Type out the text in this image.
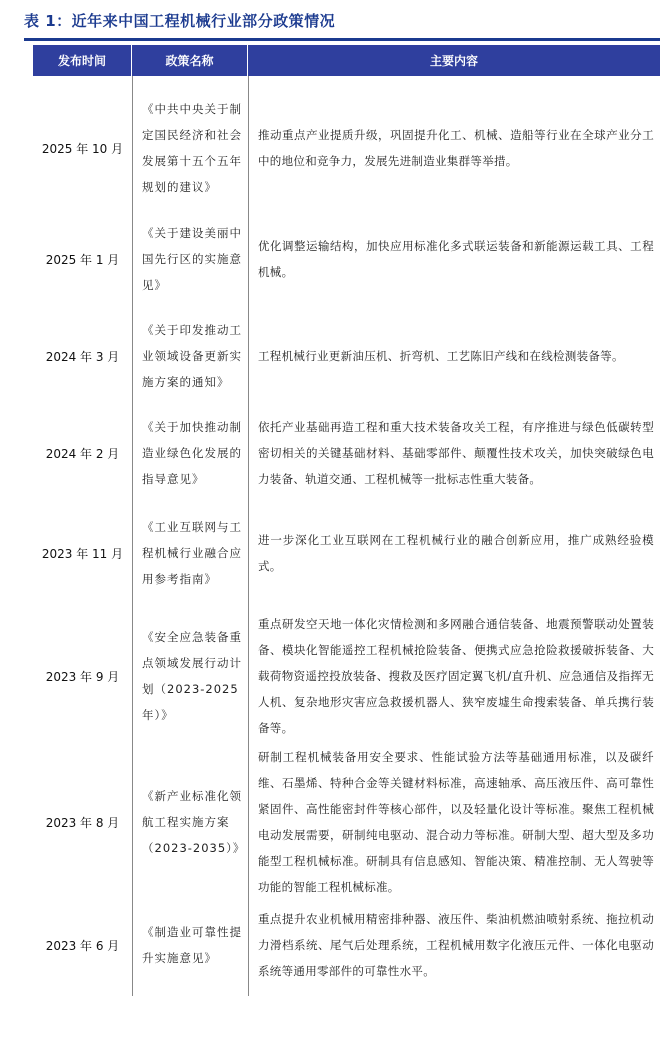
表 1：近年来中国工程机械行业部分政策情况
发布时间	政策名称	主要内容
2025 年 10 月
《中共中央关于制定国民经济和社会发展第十五个五年规划的建议》
推动重点产业提质升级，巩固提升化工、机械、造船等行业在全球产业分工中的地位和竞争力，发展先进制造业集群等举措。
2025 年 1 月
《关于建设美丽中国先行区的实施意见》
优化调整运输结构，加快应用标准化多式联运装备和新能源运载工具、工程机械。
2024 年 3 月
《关于印发推动工业领域设备更新实施方案的通知》
工程机械行业更新油压机、折弯机、工艺陈旧产线和在线检测装备等。
2024 年 2 月
《关于加快推动制造业绿色化发展的指导意见》
依托产业基础再造工程和重大技术装备攻关工程，有序推进与绿色低碳转型密切相关的关键基础材料、基础零部件、颠覆性技术攻关，加快突破绿色电力装备、轨道交通、工程机械等一批标志性重大装备。
2023 年 11 月
《工业互联网与工程机械行业融合应用参考指南》
进一步深化工业互联网在工程机械行业的融合创新应用，推广成熟经验模式。
2023 年 9 月
《安全应急装备重点领域发展行动计划（2023-2025 年）》
重点研发空天地一体化灾情检测和多网融合通信装备、地震预警联动处置装备、模块化智能遥控工程机械抢险装备、便携式应急抢险救援破拆装备、大载荷物资遥控投放装备、搜救及医疗固定翼飞机/直升机、应急通信及指挥无人机、复杂地形灾害应急救援机器人、狭窄废墟生命搜索装备、单兵携行装备等。
2023 年 8 月
《新产业标准化领航工程实施方案（2023-2035）》
研制工程机械装备用安全要求、性能试验方法等基础通用标准，以及碳纤维、石墨烯、特种合金等关键材料标准，高速轴承、高压液压件、高可靠性紧固件、高性能密封件等核心部件，以及轻量化设计等标准。聚焦工程机械电动发展需要，研制纯电驱动、混合动力等标准。研制大型、超大型及多功能型工程机械标准。研制具有信息感知、智能决策、精准控制、无人驾驶等功能的智能工程机械标准。
2023 年 6 月
《制造业可靠性提升实施意见》
重点提升农业机械用精密排种器、液压件、柴油机燃油喷射系统、拖拉机动力滑档系统、尾气后处理系统，工程机械用数字化液压元件、一体化电驱动系统等通用零部件的可靠性水平。
